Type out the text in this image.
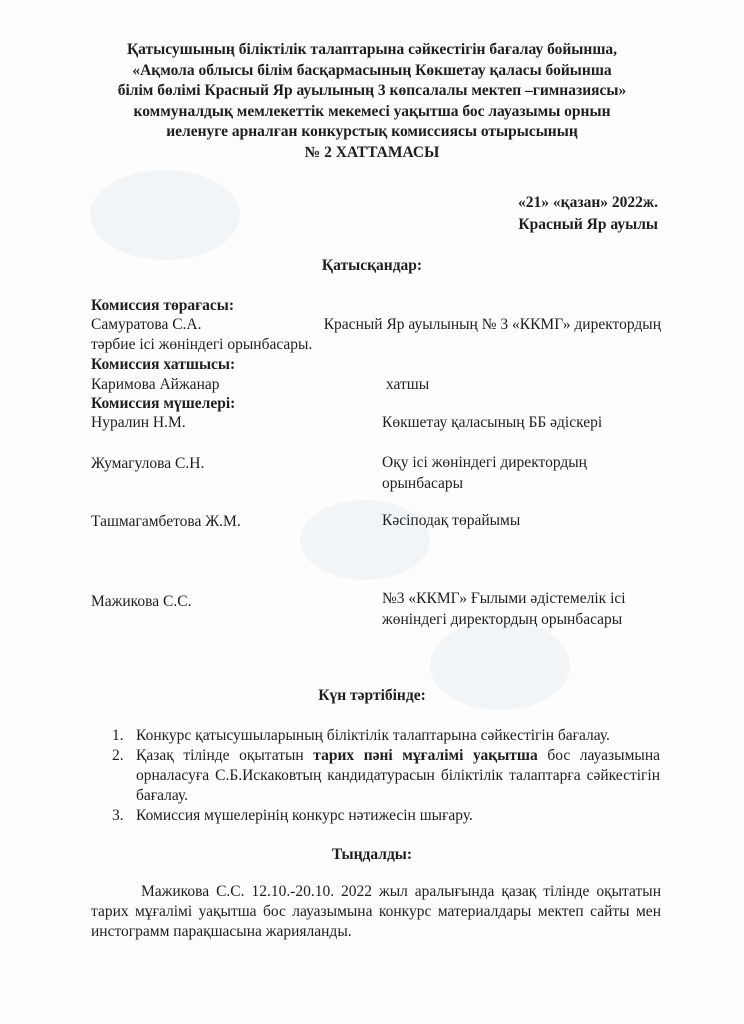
Қатысушының біліктілік талаптарына сәйкестігін бағалау бойынша,
«Ақмола облысы білім басқармасының Көкшетау қаласы бойынша
білім бөлімі Красный Яр ауылының 3 көпсалалы мектеп –гимназиясы»
коммуналдық мемлекеттік мекемесі уақытша бос лауазымы орнын
иеленуге арналған конкурстық комиссиясы отырысының
№ 2 ХАТТАМАСЫ
«21» «қазан» 2022ж.
Красный Яр ауылы
Қатысқандар:
Комиссия төрағасы:
Самуратова С.А.	Красный Яр ауылының № 3 «ККМГ» директордың
тәрбие ісі жөніндегі орынбасары.
Комиссия хатшысы:
Каримова Айжанар	хатшы
Комиссия мүшелері:
Нуралин Н.М.	Көкшетау қаласының ББ әдіскері
Жумагулова С.Н.	Оқу ісі жөніндегі директордың
орынбасары
Ташмагамбетова Ж.М.	Кәсіподақ төрайымы
Мажикова С.С.	№3 «ККМГ» Ғылыми әдістемелік ісі
жөніндегі директордың орынбасары
Күн тәртібінде:
1. Конкурс қатысушыларының біліктілік талаптарына сәйкестігін бағалау.
2. Қазақ тілінде оқытатын тарих пәні мұғалімі уақытша бос лауазымына орналасуға С.Б.Искаковтың кандидатурасын біліктілік талаптарға сәйкестігін бағалау.
3. Комиссия мүшелерінің конкурс нәтижесін шығару.
Тыңдалды:
Мажикова С.С. 12.10.-20.10. 2022 жыл аралығында қазақ тілінде оқытатын тарих мұғалімі уақытша бос лауазымына конкурс материалдары мектеп сайты мен инстограмм парақшасына жарияланды.
